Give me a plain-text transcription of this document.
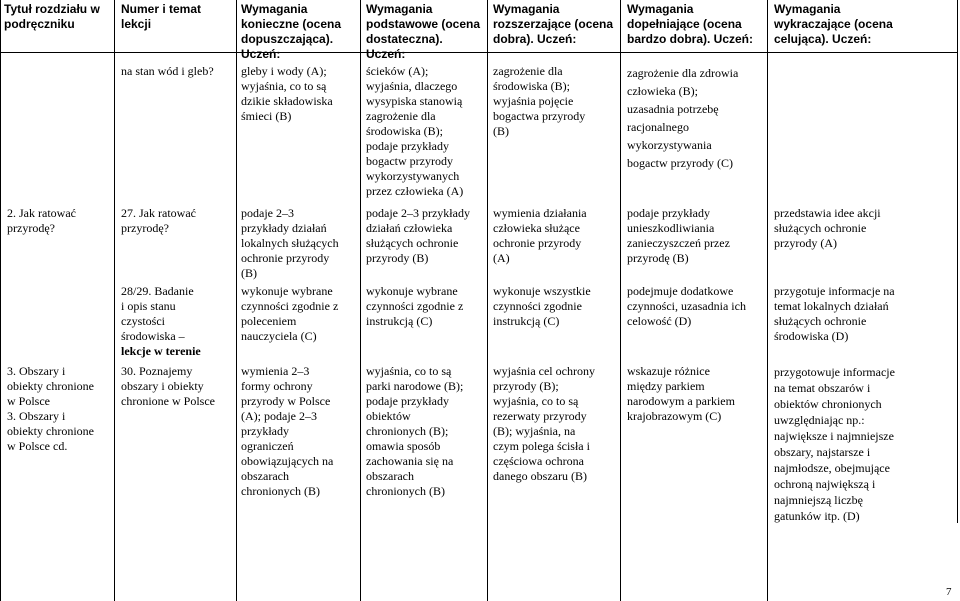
Tytuł rozdziału w
podręczniku
Numer i temat
lekcji
Wymagania
konieczne (ocena
dopuszczająca).
Uczeń:
Wymagania
podstawowe (ocena
dostateczna).
Uczeń:
Wymagania
rozszerzające (ocena
dobra). Uczeń:
Wymagania
dopełniające (ocena
bardzo dobra). Uczeń:
Wymagania
wykraczające (ocena
celująca). Uczeń:
na stan wód i gleb? gleby i wody (A);
wyjaśnia, co to są
dzikie składowiska
śmieci (B)
ścieków (A);
wyjaśnia, dlaczego
wysypiska stanowią
zagrożenie dla
środowiska (B);
podaje przykłady
bogactw przyrody
wykorzystywanych
przez człowieka (A)
zagrożenie dla
środowiska (B);
wyjaśnia pojęcie
bogactwa przyrody
(B)
zagrożenie dla zdrowia
człowieka (B);
uzasadnia potrzebę
racjonalnego
wykorzystywania
bogactw przyrody (C)
2. Jak ratować
przyrodę?
27. Jak ratować
przyrodę?
podaje 2–3
przykłady działań
lokalnych służących
ochronie przyrody
(B)
podaje 2–3 przykłady
działań człowieka
służących ochronie
przyrody (B)
wymienia działania
człowieka służące
ochronie przyrody
(A)
podaje przykłady
unieszkodliwiania
zanieczyszczeń przez
przyrodę (B)
przedstawia idee akcji
służących ochronie
przyrody (A)
28/29. Badanie
i opis stanu
czystości
środowiska –
lekcje w terenie
wykonuje wybrane
czynności zgodnie z
poleceniem
nauczyciela (C)
wykonuje wybrane
czynności zgodnie z
instrukcją (C)
wykonuje wszystkie
czynności zgodnie
instrukcją (C)
podejmuje dodatkowe
czynności, uzasadnia ich
celowość (D)
przygotuje informacje na
temat lokalnych działań
służących ochronie
środowiska (D)
3. Obszary i
obiekty chronione
w Polsce
3. Obszary i
obiekty chronione
w Polsce cd.
30. Poznajemy
obszary i obiekty
chronione w Polsce
wymienia 2–3
formy ochrony
przyrody w Polsce
(A); podaje 2–3
przykłady
ograniczeń
obowiązujących na
obszarach
chronionych (B)
wyjaśnia, co to są
parki narodowe (B);
podaje przykłady
obiektów
chronionych (B);
omawia sposób
zachowania się na
obszarach
chronionych (B)
wyjaśnia cel ochrony
przyrody (B);
wyjaśnia, co to są
rezerwaty przyrody
(B); wyjaśnia, na
czym polega ścisła i
częściowa ochrona
danego obszaru (B)
wskazuje różnice
między parkiem
narodowym a parkiem
krajobrazowym (C)
przygotowuje informacje
na temat obszarów i
obiektów chronionych
uwzględniając np.:
największe i najmniejsze
obszary, najstarsze i
najmłodsze, obejmujące
ochroną największą i
najmniejszą liczbę
gatunków itp. (D)
7
